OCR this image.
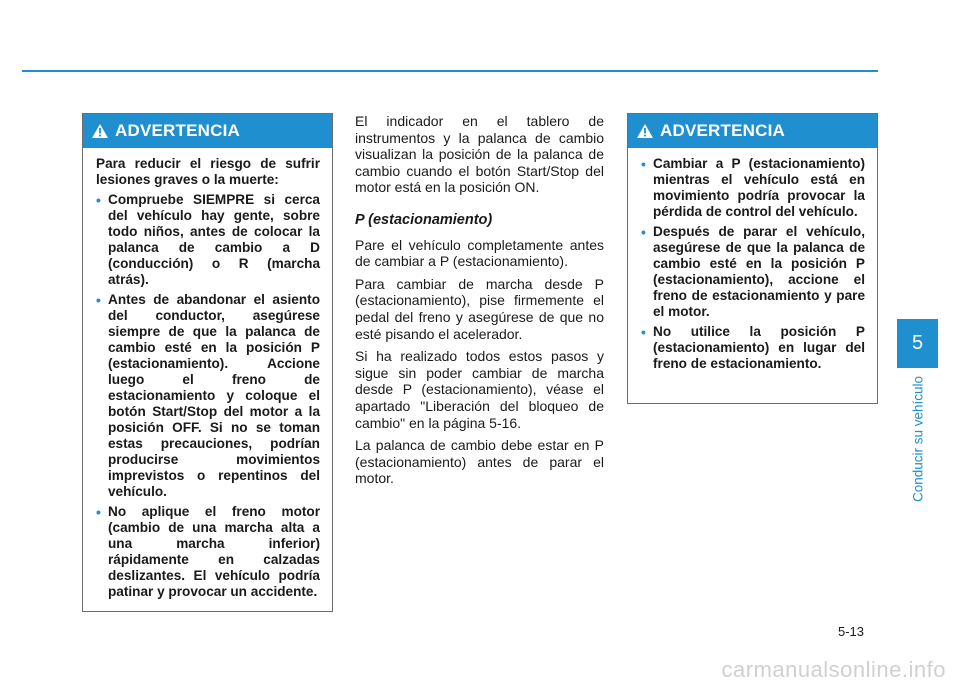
ADVERTENCIA

Para reducir el riesgo de sufrir lesiones graves o la muerte:

• Compruebe SIEMPRE si cerca del vehículo hay gente, sobre todo niños, antes de colocar la palanca de cambio a D (conducción) o R (marcha atrás).
• Antes de abandonar el asiento del conductor, asegúrese siempre de que la palanca de cambio esté en la posición P (estacionamiento). Accione luego el freno de estacionamiento y coloque el botón Start/Stop del motor a la posición OFF. Si no se toman estas precauciones, podrían producirse movimientos imprevistos o repentinos del vehículo.
• No aplique el freno motor (cambio de una marcha alta a una marcha inferior) rápidamente en calzadas deslizantes. El vehículo podría patinar y provocar un accidente.

El indicador en el tablero de instrumentos y la palanca de cambio visualizan la posición de la palanca de cambio cuando el botón Start/Stop del motor está en la posición ON.

P (estacionamiento)

Pare el vehículo completamente antes de cambiar a P (estacionamiento).

Para cambiar de marcha desde P (estacionamiento), pise firmemente el pedal del freno y asegúrese de que no esté pisando el acelerador.

Si ha realizado todos estos pasos y sigue sin poder cambiar de marcha desde P (estacionamiento), véase el apartado "Liberación del bloqueo de cambio" en la página 5-16.

La palanca de cambio debe estar en P (estacionamiento) antes de parar el motor.

ADVERTENCIA
• Cambiar a P (estacionamiento) mientras el vehículo está en movimiento podría provocar la pérdida de control del vehículo.
• Después de parar el vehículo, asegúrese de que la palanca de cambio esté en la posición P (estacionamiento), accione el freno de estacionamiento y pare el motor.
• No utilice la posición P (estacionamiento) en lugar del freno de estacionamiento.
5
Conducir su vehículo
5-13
carmanualsonline.info
